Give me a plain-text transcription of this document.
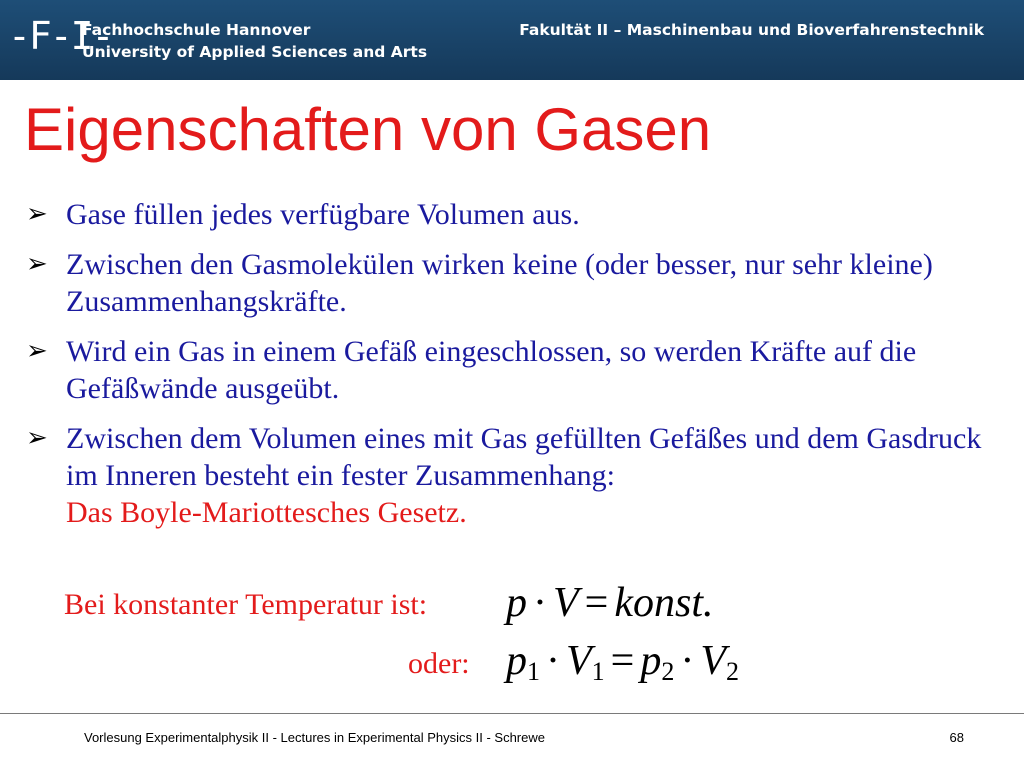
-F-I-
Fachhochschule Hannover
University of Applied Sciences and Arts
Fakultät II – Maschinenbau und Bioverfahrenstechnik
Eigenschaften von Gasen
➢ Gase füllen jedes verfügbare Volumen aus.
➢ Zwischen den Gasmolekülen wirken keine (oder besser, nur sehr kleine) Zusammenhangskräfte.
➢ Wird ein Gas in einem Gefäß eingeschlossen, so werden Kräfte auf die Gefäßwände ausgeübt.
➢ Zwischen dem Volumen eines mit Gas gefüllten Gefäßes und dem Gasdruck im Inneren besteht ein fester Zusammenhang:
Das Boyle-Mariottesches Gesetz.
Bei konstanter Temperatur ist: p · V = konst.
oder: $p_1 \cdot V_1 = p_2 \cdot V_2$
Vorlesung Experimentalphysik II - Lectures in Experimental Physics II - Schrewe	68
